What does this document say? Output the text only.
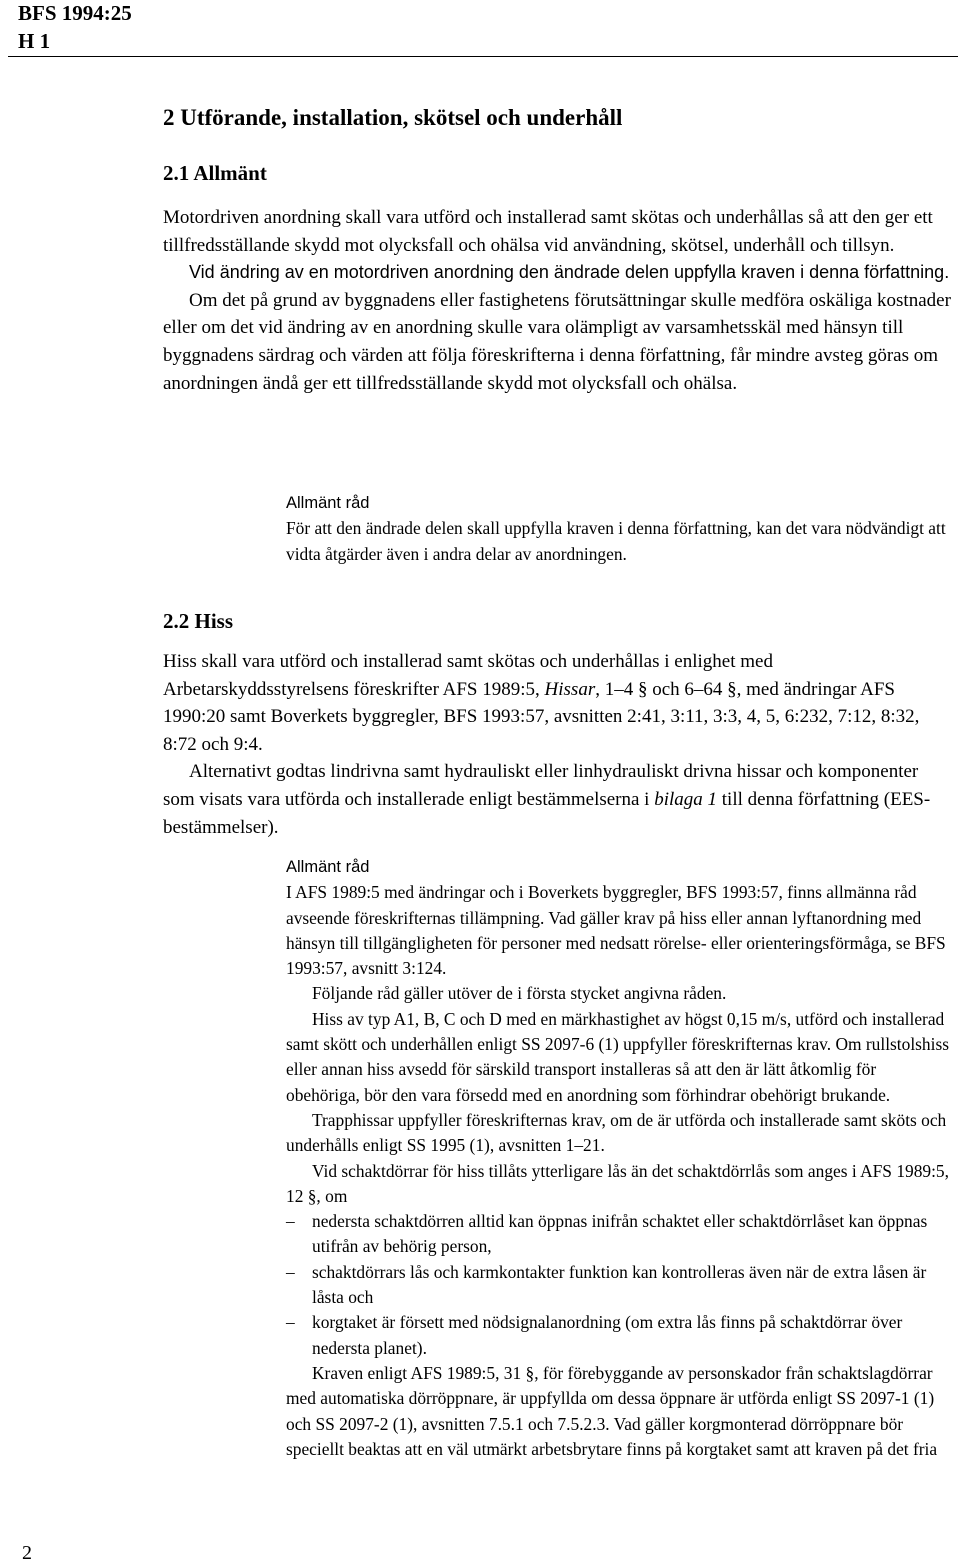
BFS 1994:25
H 1
2 Utförande, installation, skötsel och underhåll
2.1 Allmänt

Motordriven anordning skall vara utförd och installerad samt skötas och underhållas så att den ger ett tillfredsställande skydd mot olycksfall och ohälsa vid användning, skötsel, underhåll och tillsyn.

Vid ändring av en motordriven anordning den ändrade delen uppfylla kraven i denna författning.

Om det på grund av byggnadens eller fastighetens förutsättningar skulle medföra oskäliga kostnader eller om det vid ändring av en anordning skulle vara olämpligt av varsamhetsskäl med hänsyn till byggnadens särdrag och värden att följa föreskrifterna i denna författning, får mindre avsteg göras om anordningen ändå ger ett tillfredsställande skydd mot olycksfall och ohälsa.

Allmänt råd

För att den ändrade delen skall uppfylla kraven i denna författning, kan det vara nödvändigt att vidta åtgärder även i andra delar av anordningen.

2.2 Hiss

Hiss skall vara utförd och installerad samt skötas och underhållas i enlighet med Arbetarskyddsstyrelsens föreskrifter AFS 1989:5, Hissar, 1–4 § och 6–64 §, med ändringar AFS 1990:20 samt Boverkets byggregler, BFS 1993:57, avsnitten 2:41, 3:11, 3:3, 4, 5, 6:232, 7:12, 8:32, 8:72 och 9:4.

Alternativt godtas lindrivna samt hydrauliskt eller linhydrauliskt drivna hissar och komponenter som visats vara utförda och installerade enligt bestämmelserna i bilaga 1 till denna författning (EES-bestämmelser).

Allmänt råd

I AFS 1989:5 med ändringar och i Boverkets byggregler, BFS 1993:57, finns allmänna råd avseende föreskrifternas tillämpning. Vad gäller krav på hiss eller annan lyftanordning med hänsyn till tillgängligheten för personer med nedsatt rörelse- eller orienteringsförmåga, se BFS 1993:57, avsnitt 3:124.

Följande råd gäller utöver de i första stycket angivna råden.

Hiss av typ A1, B, C och D med en märkhastighet av högst 0,15 m/s, utförd och installerad samt skött och underhållen enligt SS 2097-6 (1) uppfyller föreskrifternas krav. Om rullstolshiss eller annan hiss avsedd för särskild transport installeras så att den är lätt åtkomlig för obehöriga, bör den vara försedd med en anordning som förhindrar obehörigt brukande.

Trapphissar uppfyller föreskrifternas krav, om de är utförda och installerade samt sköts och underhålls enligt SS 1995 (1), avsnitten 1–21.

Vid schaktdörrar för hiss tillåts ytterligare lås än det schaktdörrlås som anges i AFS 1989:5, 12 §, om

– nedersta schaktdörren alltid kan öppnas inifrån schaktet eller schaktdörrlåset kan öppnas utifrån av behörig person,
– schaktdörrars lås och karmkontakter funktion kan kontrolleras även när de extra låsen är låsta och
– korgtaket är försett med nödsignalanordning (om extra lås finns på schaktdörrar över nedersta planet).

Kraven enligt AFS 1989:5, 31 §, för förebyggande av personskador från schaktslagdörrar med automatiska dörröppnare, är uppfyllda om dessa öppnare är utförda enligt SS 2097-1 (1) och SS 2097-2 (1), avsnitten 7.5.1 och 7.5.2.3. Vad gäller korgmonterad dörröppnare bör speciellt beaktas att en väl utmärkt arbetsbrytare finns på korgtaket samt att kraven på det fria

2
